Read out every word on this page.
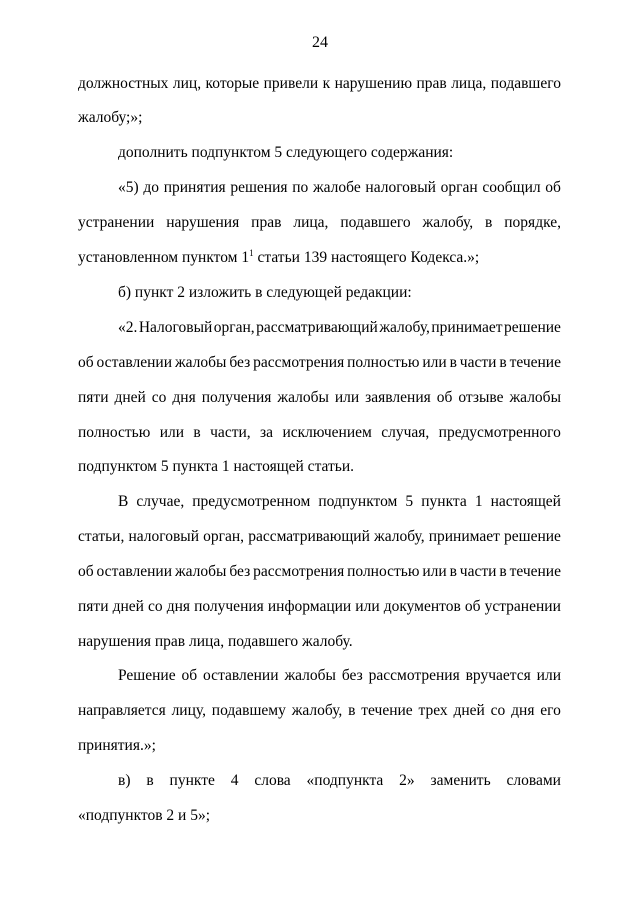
24
должностных лиц, которые привели к нарушению прав лица, подавшего
жалобу;»;
дополнить подпунктом 5 следующего содержания:
«5) до принятия решения по жалобе налоговый орган сообщил об
устранении нарушения прав лица, подавшего жалобу, в порядке,
установленном пунктом $1^1$ статьи 139 настоящего Кодекса.»;
б) пункт 2 изложить в следующей редакции:
«2. Налоговый орган, рассматривающий жалобу, принимает решение
об оставлении жалобы без рассмотрения полностью или в части в течение
пяти дней со дня получения жалобы или заявления об отзыве жалобы
полностью или в части, за исключением случая, предусмотренного
подпунктом 5 пункта 1 настоящей статьи.
В случае, предусмотренном подпунктом 5 пункта 1 настоящей
статьи, налоговый орган, рассматривающий жалобу, принимает решение
об оставлении жалобы без рассмотрения полностью или в части в течение
пяти дней со дня получения информации или документов об устранении
нарушения прав лица, подавшего жалобу.
Решение об оставлении жалобы без рассмотрения вручается или
направляется лицу, подавшему жалобу, в течение трех дней со дня его
принятия.»;
в) в пункте 4 слова «подпункта 2» заменить словами
«подпунктов 2 и 5»;
